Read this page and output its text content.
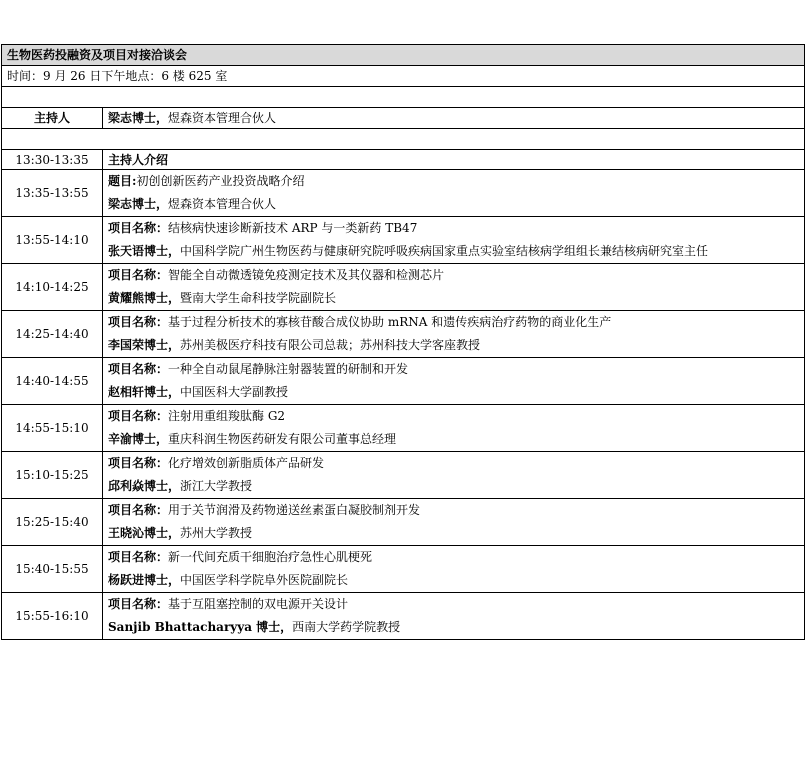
生物医药投融资及项目对接洽谈会	
时间：9 月 26 日下午地点：6 楼 625 室	

主持人	梁志博士，煜森资本管理合伙人

13:30-13:35	主持人介绍
13:35-13:55	题目:初创创新医药产业投资战略介绍
梁志博士，煜森资本管理合伙人

13:55-14:10	项目名称：结核病快速诊断新技术 ARP 与一类新药 TB47
张天语博士，中国科学院广州生物医药与健康研究院呼吸疾病国家重点实验室结核病学组组长兼结核病研究室主任

14:10-14:25	项目名称：智能全自动微透镜免疫测定技术及其仪器和检测芯片
黄耀熊博士，暨南大学生命科技学院副院长

14:25-14:40	项目名称：基于过程分析技术的寡核苷酸合成仪协助 mRNA 和遗传疾病治疗药物的商业化生产
李国荣博士，苏州美极医疗科技有限公司总裁；苏州科技大学客座教授

14:40-14:55	项目名称：一种全自动鼠尾静脉注射器装置的研制和开发
赵相轩博士，中国医科大学副教授

14:55-15:10	项目名称：注射用重组羧肽酶 G2
辛渝博士，重庆科润生物医药研发有限公司董事总经理

15:10-15:25	项目名称：化疗增效创新脂质体产品研发
邱利焱博士，浙江大学教授

15:25-15:40	项目名称：用于关节润滑及药物递送丝素蛋白凝胶制剂开发
王晓沁博士，苏州大学教授

15:40-15:55	项目名称：新一代间充质干细胞治疗急性心肌梗死
杨跃进博士，中国医学科学院阜外医院副院长

15:55-16:10	项目名称：基于互阻塞控制的双电源开关设计
Sanjib Bhattacharyya 博士，西南大学药学院教授
